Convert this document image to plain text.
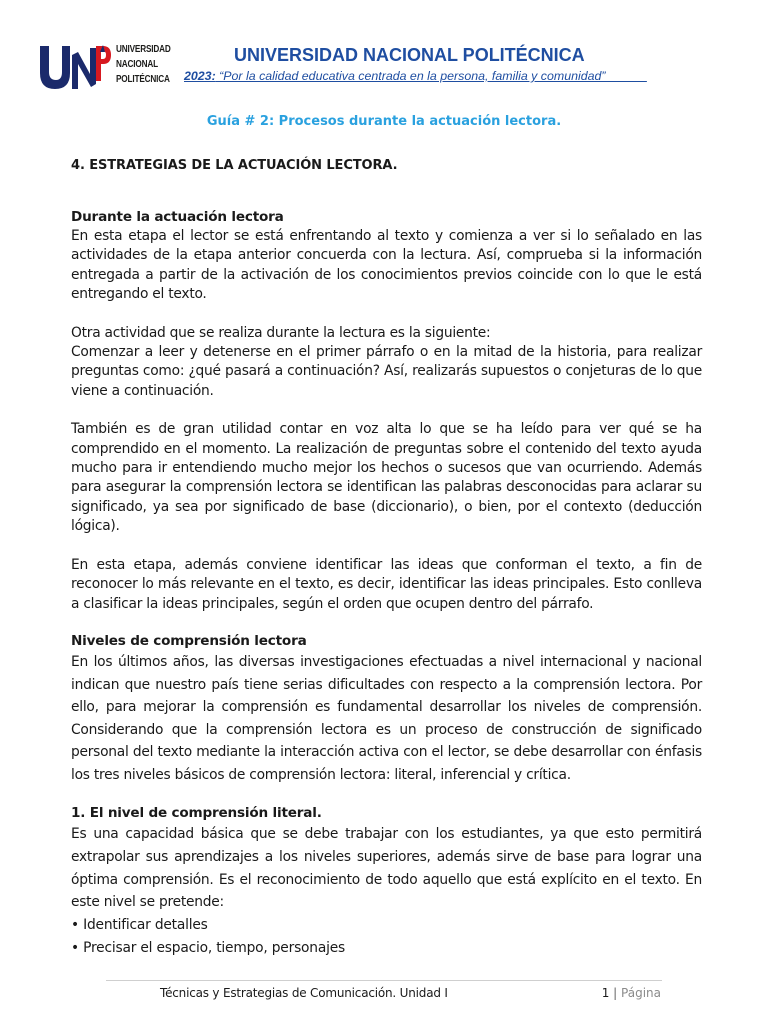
UNIVERSIDAD
NACIONAL
POLITÉCNICA
UNIVERSIDAD NACIONAL POLITÉCNICA
2023: “Por la calidad educativa centrada en la persona, familia y comunidad” _ _ _ _
Guía # 2: Procesos durante la actuación lectora.
4. ESTRATEGIAS DE LA ACTUACIÓN LECTORA.
Durante la actuación lectora

En esta etapa el lector se está enfrentando al texto y comienza a ver si lo señalado en las actividades de la etapa anterior concuerda con la lectura. Así, comprueba si la información entregada a partir de la activación de los conocimientos previos coincide con lo que le está entregando el texto.

Otra actividad que se realiza durante la lectura es la siguiente:

Comenzar a leer y detenerse en el primer párrafo o en la mitad de la historia, para realizar preguntas como: ¿qué pasará a continuación? Así, realizarás supuestos o conjeturas de lo que viene a continuación.

También es de gran utilidad contar en voz alta lo que se ha leído para ver qué se ha comprendido en el momento. La realización de preguntas sobre el contenido del texto ayuda mucho para ir entendiendo mucho mejor los hechos o sucesos que van ocurriendo. Además para asegurar la comprensión lectora se identifican las palabras desconocidas para aclarar su significado, ya sea por significado de base (diccionario), o bien, por el contexto (deducción lógica).

En esta etapa, además conviene identificar las ideas que conforman el texto, a fin de reconocer lo más relevante en el texto, es decir, identificar las ideas principales. Esto conlleva a clasificar la ideas principales, según el orden que ocupen dentro del párrafo.

Niveles de comprensión lectora

En los últimos años, las diversas investigaciones efectuadas a nivel internacional y nacional indican que nuestro país tiene serias dificultades con respecto a la comprensión lectora. Por ello, para mejorar la comprensión es fundamental desarrollar los niveles de comprensión. Considerando que la comprensión lectora es un proceso de construcción de significado personal del texto mediante la interacción activa con el lector, se debe desarrollar con énfasis los tres niveles básicos de comprensión lectora: literal, inferencial y crítica.

1. El nivel de comprensión literal.

Es una capacidad básica que se debe trabajar con los estudiantes, ya que esto permitirá extrapolar sus aprendizajes a los niveles superiores, además sirve de base para lograr una óptima comprensión. Es el reconocimiento de todo aquello que está explícito en el texto. En este nivel se pretende:

• Identificar detalles
• Precisar el espacio, tiempo, personajes
Técnicas y Estrategias de Comunicación. Unidad I	1 | Página
